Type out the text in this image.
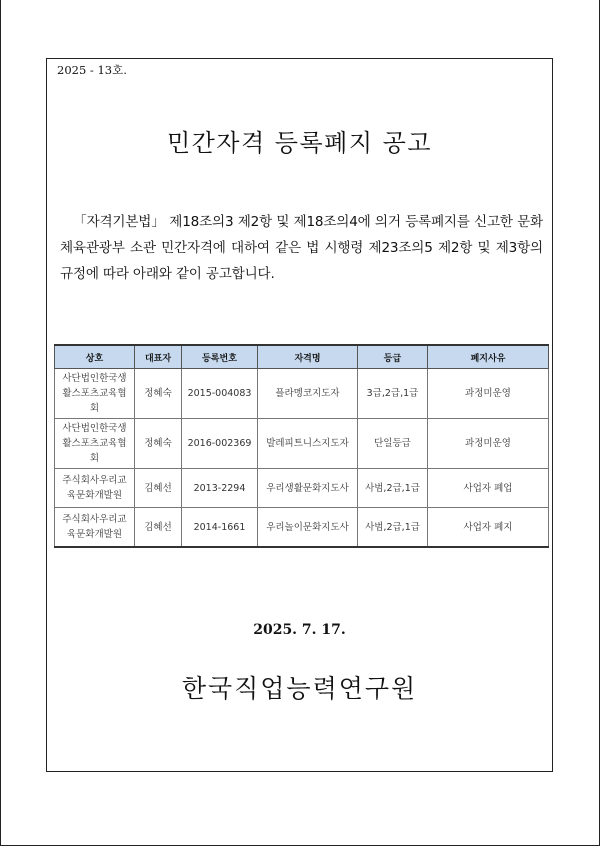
2025 - 13호.
민간자격 등록폐지 공고

「자격기본법」 제18조의3 제2항 및 제18조의4에 의거 등록폐지를 신고한 문화체육관광부 소관 민간자격에 대하여 같은 법 시행령 제23조의5 제2항 및 제3항의 규정에 따라 아래와 같이 공고합니다.

상호	대표자	등록번호	자격명	등급	폐지사유
사단법인한국생활스포츠교육협회	정혜숙	2015-004083	플라멩코지도자	3급,2급,1급	과정미운영
사단법인한국생활스포츠교육협회	정혜숙	2016-002369	발레피트니스지도자	단일등급	과정미운영
주식회사우리교육문화개발원	김혜선	2013-2294	우리생활문화지도사	사범,2급,1급	사업자 폐업
주식회사우리교육문화개발원	김혜선	2014-1661	우리놀이문화지도사	사범,2급,1급	사업자 폐지
2025. 7. 17.
한국직업능력연구원
